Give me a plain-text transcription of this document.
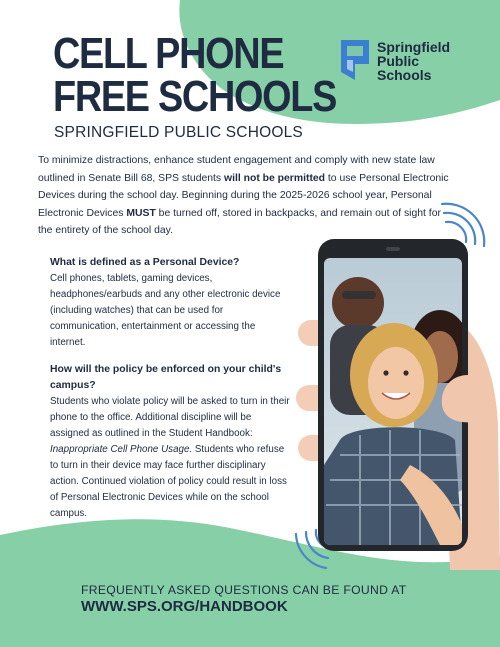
CELL PHONE
FREE SCHOOLS
SPRINGFIELD PUBLIC SCHOOLS
Springfield
Public
Schools

To minimize distractions, enhance student engagement and comply with new state law outlined in Senate Bill 68, SPS students will not be permitted to use Personal Electronic Devices during the school day. Beginning during the 2025-2026 school year, Personal Electronic Devices MUST be turned off, stored in backpacks, and remain out of sight for the entirety of the school day.

What is defined as a Personal Device?
Cell phones, tablets, gaming devices, headphones/earbuds and any other electronic device (including watches) that can be used for communication, entertainment or accessing the internet.
How will the policy be enforced on your child's campus?
Students who violate policy will be asked to turn in their phone to the office. Additional discipline will be assigned as outlined in the Student Handbook: Inappropriate Cell Phone Usage. Students who refuse to turn in their device may face further disciplinary action. Continued violation of policy could result in loss of Personal Electronic Devices while on the school campus.
FREQUENTLY ASKED QUESTIONS CAN BE FOUND AT
WWW.SPS.ORG/HANDBOOK
